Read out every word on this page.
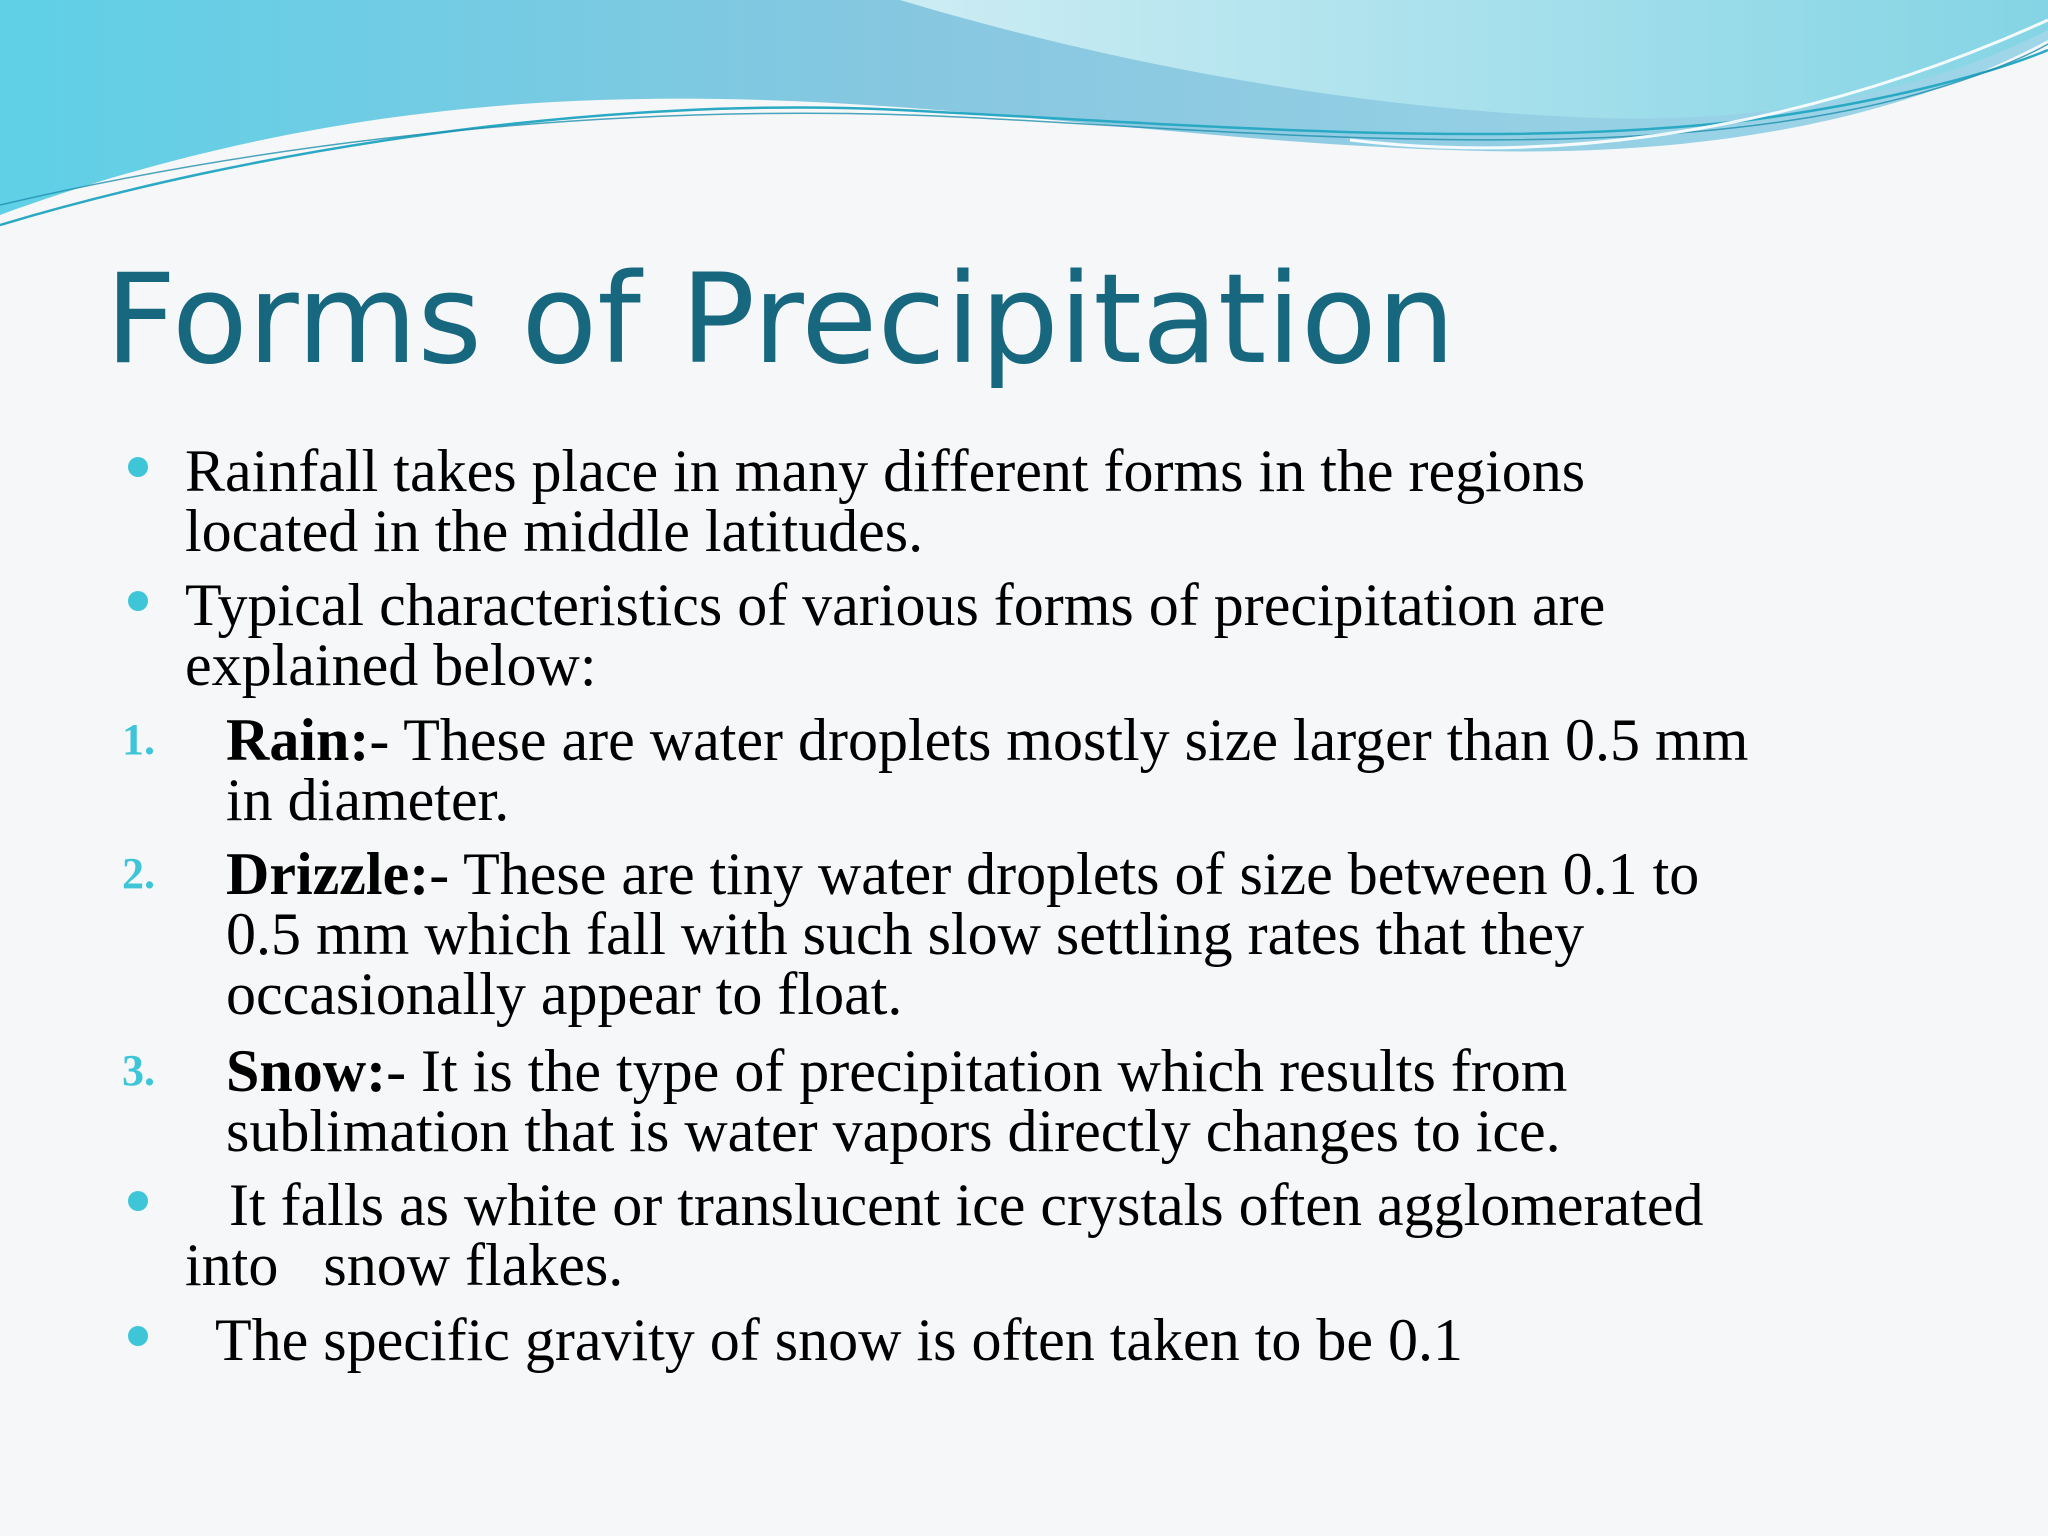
Forms of Precipitation
Rainfall takes place in many different forms in the regions
located in the middle latitudes.
Typical characteristics of various forms of precipitation are
explained below:
1. Rain:- These are water droplets mostly size larger than 0.5 mm
in diameter.
2. Drizzle:- These are tiny water droplets of size between 0.1 to
0.5 mm which fall with such slow settling rates that they
occasionally appear to float.
3. Snow:- It is the type of precipitation which results from
sublimation that is water vapors directly changes to ice.
It falls as white or translucent ice crystals often agglomerated
into   snow flakes.
The specific gravity of snow is often taken to be 0.1
